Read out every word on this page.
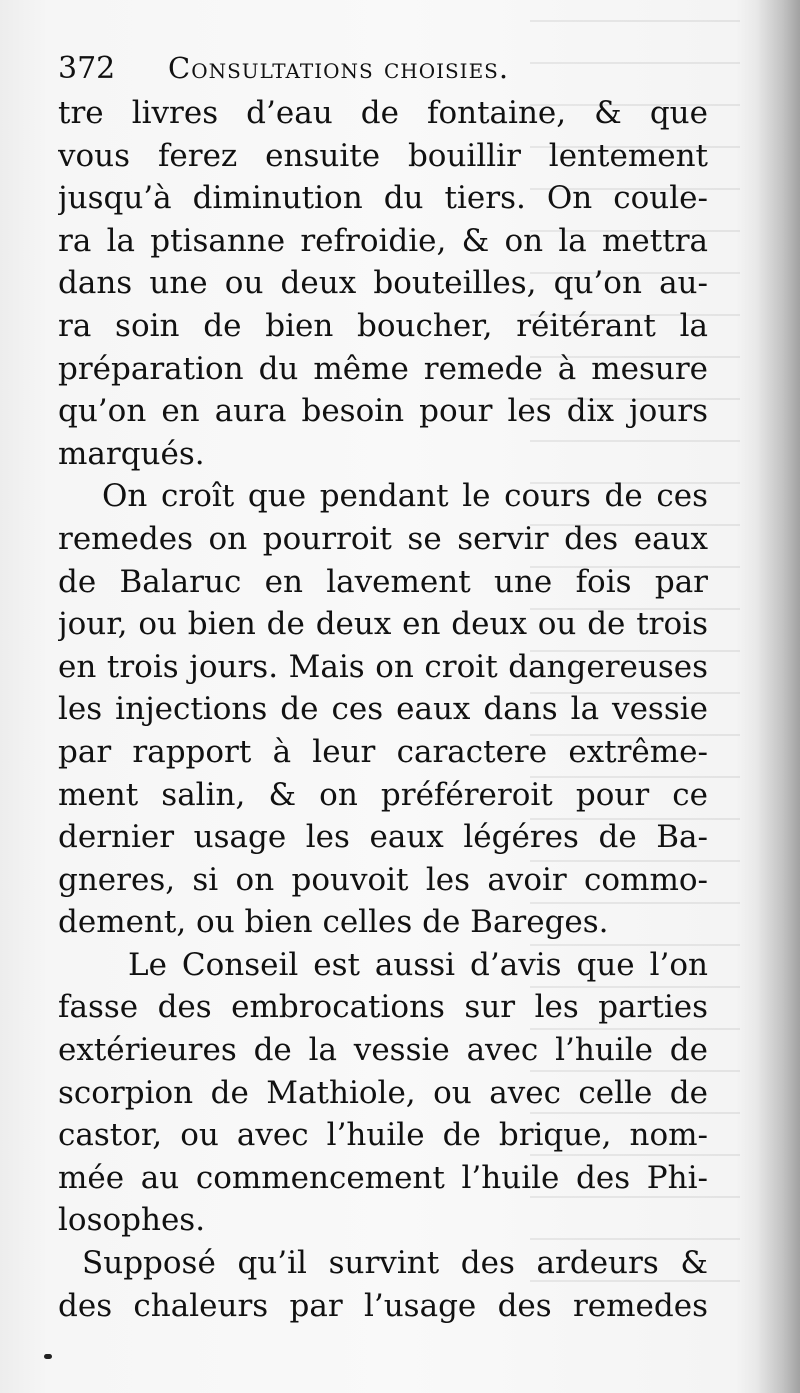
372	Consultations choisies.
tre livres d’eau de fontaine, & que
vous ferez ensuite bouillir lentement
jusqu’à diminution du tiers. On coule-
ra la ptisanne refroidie, & on la mettra
dans une ou deux bouteilles, qu’on au-
ra soin de bien boucher, réitérant la
préparation du même remede à mesure
qu’on en aura besoin pour les dix jours
marqués.
On croît que pendant le cours de ces
remedes on pourroit se servir des eaux
de Balaruc en lavement une fois par
jour, ou bien de deux en deux ou de trois
en trois jours. Mais on croit dangereuses
les injections de ces eaux dans la vessie
par rapport à leur caractere extrême-
ment salin, & on préféreroit pour ce
dernier usage les eaux légéres de Ba-
gneres, si on pouvoit les avoir commo-
dement, ou bien celles de Bareges.
Le Conseil est aussi d’avis que l’on
fasse des embrocations sur les parties
extérieures de la vessie avec l’huile de
scorpion de Mathiole, ou avec celle de
castor, ou avec l’huile de brique, nom-
mée au commencement l’huile des Phi-
losophes.
Supposé qu’il survint des ardeurs &
des chaleurs par l’usage des remedes
